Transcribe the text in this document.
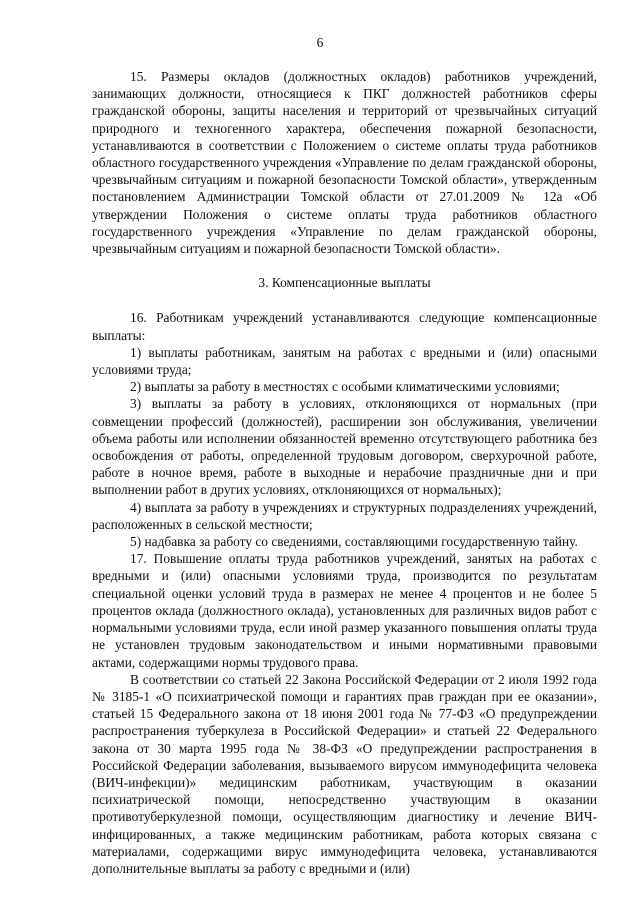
6

15. Размеры окладов (должностных окладов) работников учреждений, занимающих должности, относящиеся к ПКГ должностей работников сферы гражданской обороны, защиты населения и территорий от чрезвычайных ситуаций природного и техногенного характера, обеспечения пожарной безопасности, устанавливаются в соответствии с Положением о системе оплаты труда работников областного государственного учреждения «Управление по делам гражданской обороны, чрезвычайным ситуациям и пожарной безопасности Томской области», утвержденным постановлением Администрации Томской области от 27.01.2009 № 12а «Об утверждении Положения о системе оплаты труда работников областного государственного учреждения «Управление по делам гражданской обороны, чрезвычайным ситуациям и пожарной безопасности Томской области».

3. Компенсационные выплаты

16. Работникам учреждений устанавливаются следующие компенсационные выплаты:

1) выплаты работникам, занятым на работах с вредными и (или) опасными условиями труда;

2) выплаты за работу в местностях с особыми климатическими условиями;

3) выплаты за работу в условиях, отклоняющихся от нормальных (при совмещении профессий (должностей), расширении зон обслуживания, увеличении объема работы или исполнении обязанностей временно отсутствующего работника без освобождения от работы, определенной трудовым договором, сверхурочной работе, работе в ночное время, работе в выходные и нерабочие праздничные дни и при выполнении работ в других условиях, отклоняющихся от нормальных);

4) выплата за работу в учреждениях и структурных подразделениях учреждений, расположенных в сельской местности;

5) надбавка за работу со сведениями, составляющими государственную тайну.

17. Повышение оплаты труда работников учреждений, занятых на работах с вредными и (или) опасными условиями труда, производится по результатам специальной оценки условий труда в размерах не менее 4 процентов и не более 5 процентов оклада (должностного оклада), установленных для различных видов работ с нормальными условиями труда, если иной размер указанного повышения оплаты труда не установлен трудовым законодательством и иными нормативными правовыми актами, содержащими нормы трудового права.

В соответствии со статьей 22 Закона Российской Федерации от 2 июля 1992 года № 3185-1 «О психиатрической помощи и гарантиях прав граждан при ее оказании», статьей 15 Федерального закона от 18 июня 2001 года № 77-ФЗ «О предупреждении распространения туберкулеза в Российской Федерации» и статьей 22 Федерального закона от 30 марта 1995 года № 38-ФЗ «О предупреждении распространения в Российской Федерации заболевания, вызываемого вирусом иммунодефицита человека (ВИЧ-инфекции)» медицинским работникам, участвующим в оказании психиатрической помощи, непосредственно участвующим в оказании противотуберкулезной помощи, осуществляющим диагностику и лечение ВИЧ-инфицированных, а также медицинским работникам, работа которых связана с материалами, содержащими вирус иммунодефицита человека, устанавливаются дополнительные выплаты за работу с вредными и (или)
